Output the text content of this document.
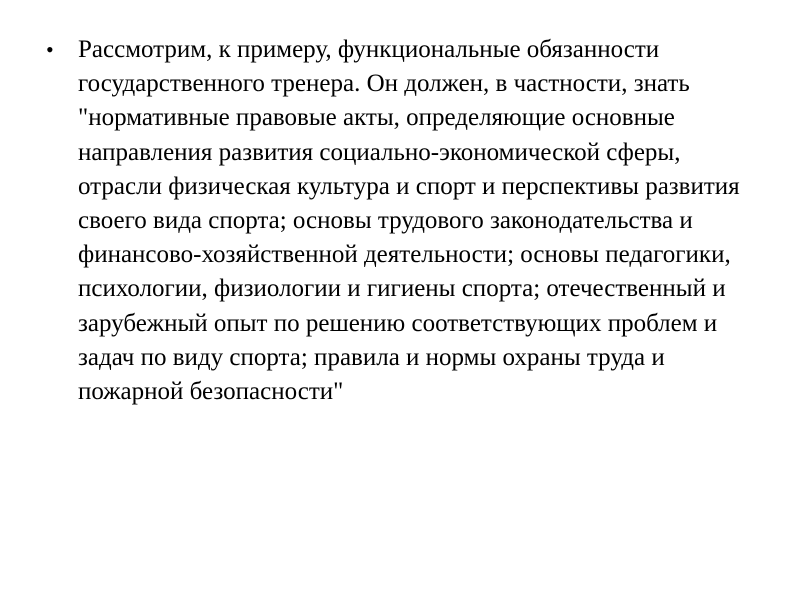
• Рассмотрим, к примеру, функциональные обязанности государственного тренера. Он должен, в частности, знать "нормативные правовые акты, определяющие основные направления развития социально-экономической сферы, отрасли физическая культура и спорт и перспективы развития своего вида спорта; основы трудового законодательства и финансово-хозяйственной деятельности; основы педагогики, психологии, физиологии и гигиены спорта; отечественный и зарубежный опыт по решению соответствующих проблем и задач по виду спорта; правила и нормы охраны труда и пожарной безопасности"
